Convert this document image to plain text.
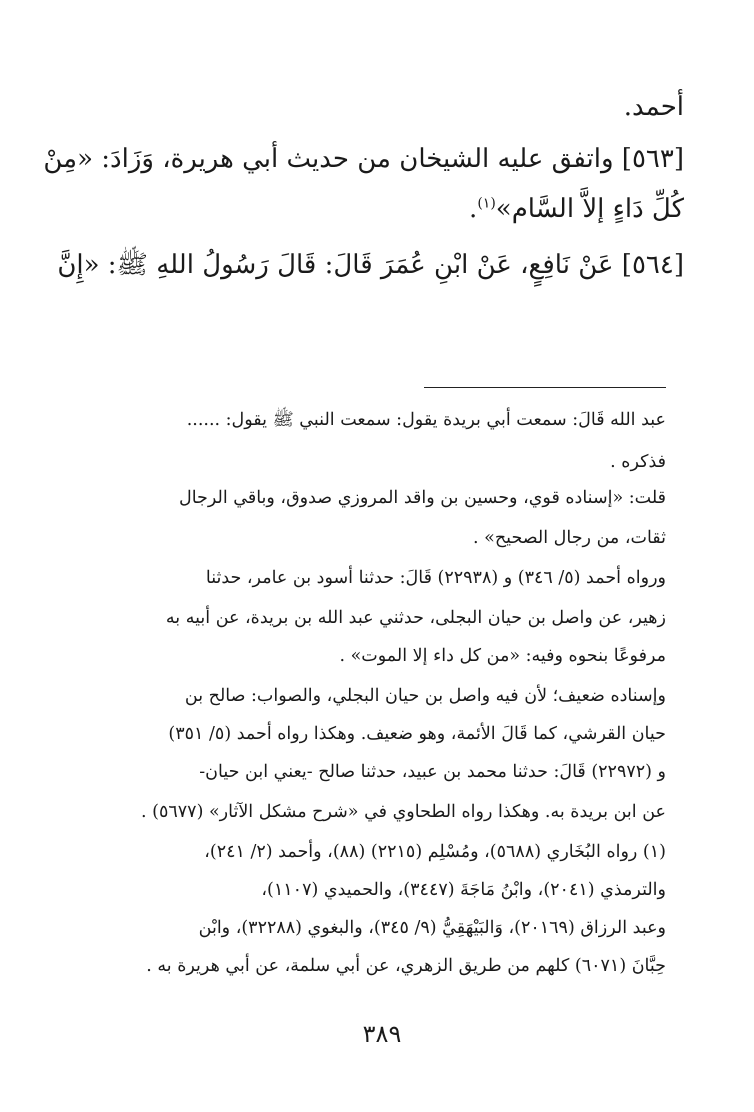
أحمد.
[٥٦٣] واتفق عليه الشيخان من حديث أبي هريرة، وَزَادَ: «مِنْ
كُلِّ دَاءٍ إلاَّ السَّام»$^{(١)}$.
[٥٦٤] عَنْ نَافِعٍ، عَنْ ابْنِ عُمَرَ قَالَ: قَالَ رَسُولُ اللهِ ﷺ: «إِنَّ
عبد الله قَالَ: سمعت أبي بريدة يقول: سمعت النبي ﷺ يقول: ......
فذكره .
قلت: «إسناده قوي، وحسين بن واقد المروزي صدوق، وباقي الرجال
ثقات، من رجال الصحيح» .
ورواه أحمد (٥/ ٣٤٦) و (٢٢٩٣٨) قَالَ: حدثنا أسود بن عامر، حدثنا
زهير، عن واصل بن حيان البجلى، حدثني عبد الله بن بريدة، عن أبيه به
مرفوعًا بنحوه وفيه: «من كل داء إلا الموت» .
وإسناده ضعيف؛ لأن فيه واصل بن حيان البجلي، والصواب: صالح بن
حيان القرشي، كما قَالَ الأئمة، وهو ضعيف. وهكذا رواه أحمد (٥/ ٣٥١)
و (٢٢٩٧٢) قَالَ: حدثنا محمد بن عبيد، حدثنا صالح -يعني ابن حيان-
عن ابن بريدة به. وهكذا رواه الطحاوي في «شرح مشكل الآثار» (٥٦٧٧) .
(١) رواه البُخَاري (٥٦٨٨)، ومُسْلِم (٢٢١٥) (٨٨)، وأحمد (٢/ ٢٤١)،
والترمذي (٢٠٤١)، وابْنُ مَاجَةَ (٣٤٤٧)، والحميدي (١١٠٧)،
وعبد الرزاق (٢٠١٦٩)، وَالبَيْهَقِيُّ (٩/ ٣٤٥)، والبغوي (٣٢٢٨٨)، وابْن
حِبَّانَ (٦٠٧١) كلهم من طريق الزهري، عن أبي سلمة، عن أبي هريرة به .
٣٨٩
